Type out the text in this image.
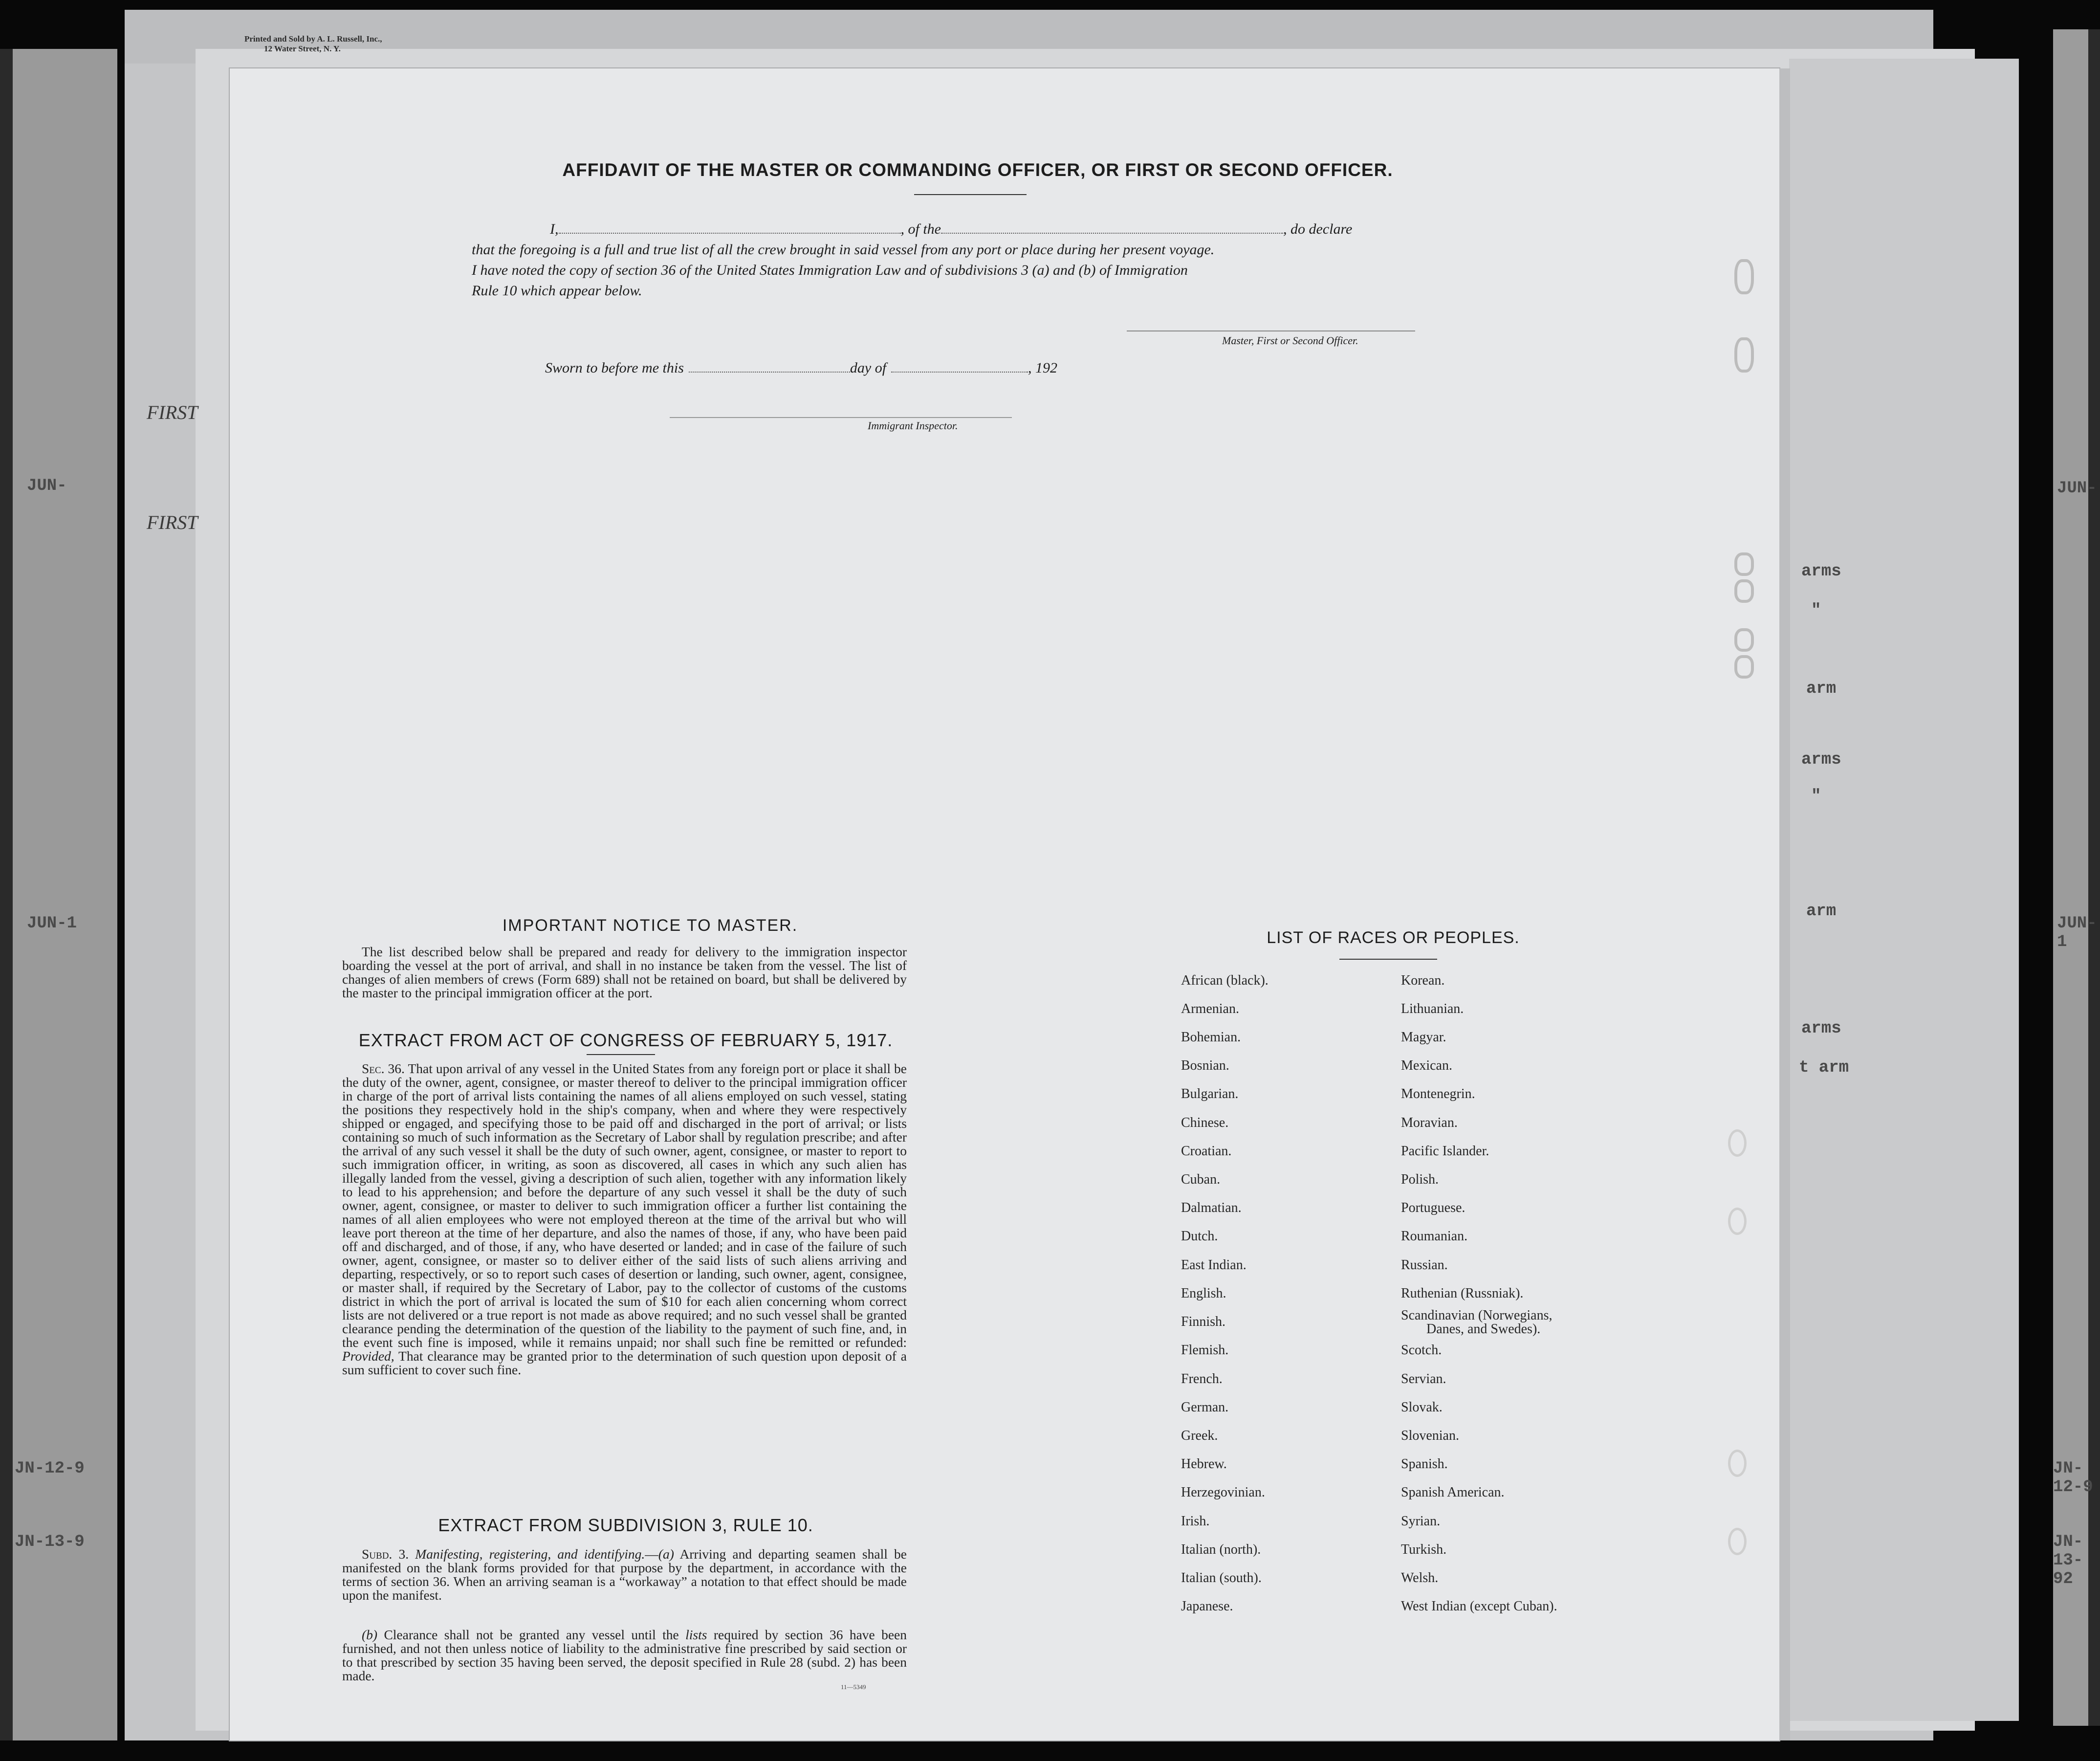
Printed and Sold by A. L. Russell, Inc.,
12 Water Street, N. Y.
FIRST
JUN-
FIRST
JUN-1
JN-12-9
JN-13-9
JUN-
JUN-1
JN-12-9
JN-13-92
arms
"
arm
arms
"
arm
arms
t arm
AFFIDAVIT OF THE MASTER OR COMMANDING OFFICER, OR FIRST OR SECOND OFFICER.
I,	, of the	, do declare
that the foregoing is a full and true list of all the crew brought in said vessel from any port or place during her present voyage.
I have noted the copy of section 36 of the United States Immigration Law and of subdivisions 3 (a) and (b) of Immigration
Rule 10 which appear below.
Master, First or Second Officer.
Sworn to before me this	day of	, 192
Immigrant Inspector.
IMPORTANT NOTICE TO MASTER.
The list described below shall be prepared and ready for delivery to the immigration inspector boarding the vessel at the port of arrival, and shall in no instance be taken from the vessel. The list of changes of alien members of crews (Form 689) shall not be retained on board, but shall be delivered by the master to the principal immigration officer at the port.
EXTRACT FROM ACT OF CONGRESS OF FEBRUARY 5, 1917.
Sec. 36. That upon arrival of any vessel in the United States from any foreign port or place it shall be the duty of the owner, agent, consignee, or master thereof to deliver to the principal immigration officer in charge of the port of arrival lists containing the names of all aliens employed on such vessel, stating the positions they respectively hold in the ship's company, when and where they were respectively shipped or engaged, and specifying those to be paid off and discharged in the port of arrival; or lists containing so much of such information as the Secretary of Labor shall by regulation prescribe; and after the arrival of any such vessel it shall be the duty of such owner, agent, consignee, or master to report to such immigration officer, in writing, as soon as discovered, all cases in which any such alien has illegally landed from the vessel, giving a description of such alien, together with any information likely to lead to his apprehension; and before the departure of any such vessel it shall be the duty of such owner, agent, consignee, or master to deliver to such immigration officer a further list containing the names of all alien employees who were not employed thereon at the time of the arrival but who will leave port thereon at the time of her departure, and also the names of those, if any, who have been paid off and discharged, and of those, if any, who have deserted or landed; and in case of the failure of such owner, agent, consignee, or master so to deliver either of the said lists of such aliens arriving and departing, respectively, or so to report such cases of desertion or landing, such owner, agent, consignee, or master shall, if required by the Secretary of Labor, pay to the collector of customs of the customs district in which the port of arrival is located the sum of $10 for each alien concerning whom correct lists are not delivered or a true report is not made as above required; and no such vessel shall be granted clearance pending the determination of the question of the liability to the payment of such fine, and, in the event such fine is imposed, while it remains unpaid; nor shall such fine be remitted or refunded: Provided, That clearance may be granted prior to the determination of such question upon deposit of a sum sufficient to cover such fine.
EXTRACT FROM SUBDIVISION 3, RULE 10.
Subd. 3. Manifesting, registering, and identifying.—(a) Arriving and departing seamen shall be manifested on the blank forms provided for that purpose by the department, in accordance with the terms of section 36. When an arriving seaman is a “workaway” a notation to that effect should be made upon the manifest.
(b) Clearance shall not be granted any vessel until the lists required by section 36 have been furnished, and not then unless notice of liability to the administrative fine prescribed by said section or to that prescribed by section 35 having been served, the deposit specified in Rule 28 (subd. 2) has been made.
11—5349
LIST OF RACES OR PEOPLES.
African (black).
Armenian.
Bohemian.
Bosnian.
Bulgarian.
Chinese.
Croatian.
Cuban.
Dalmatian.
Dutch.
East Indian.
English.
Finnish.
Flemish.
French.
German.
Greek.
Hebrew.
Herzegovinian.
Irish.
Italian (north).
Italian (south).
Japanese.
Korean.
Lithuanian.
Magyar.
Mexican.
Montenegrin.
Moravian.
Pacific Islander.
Polish.
Portuguese.
Roumanian.
Russian.
Ruthenian (Russniak).
Scandinavian (Norwegians,
Danes, and Swedes).
Scotch.
Servian.
Slovak.
Slovenian.
Spanish.
Spanish American.
Syrian.
Turkish.
Welsh.
West Indian (except Cuban).
